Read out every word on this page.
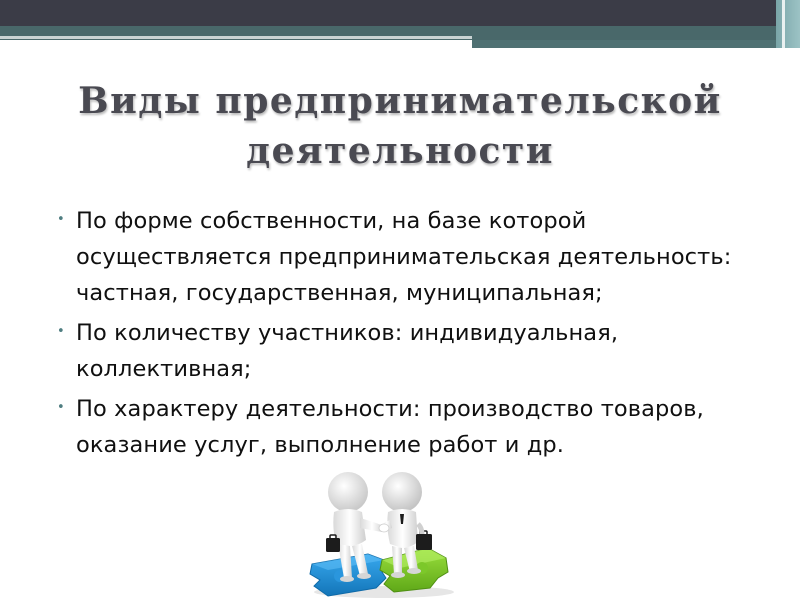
Виды предпринимательской
деятельности
• По форме собственности, на базе которой осуществляется предпринимательская деятельность: частная, государственная, муниципальная;
• По количеству участников: индивидуальная, коллективная;
• По характеру деятельности: производство товаров, оказание услуг, выполнение работ и др.
